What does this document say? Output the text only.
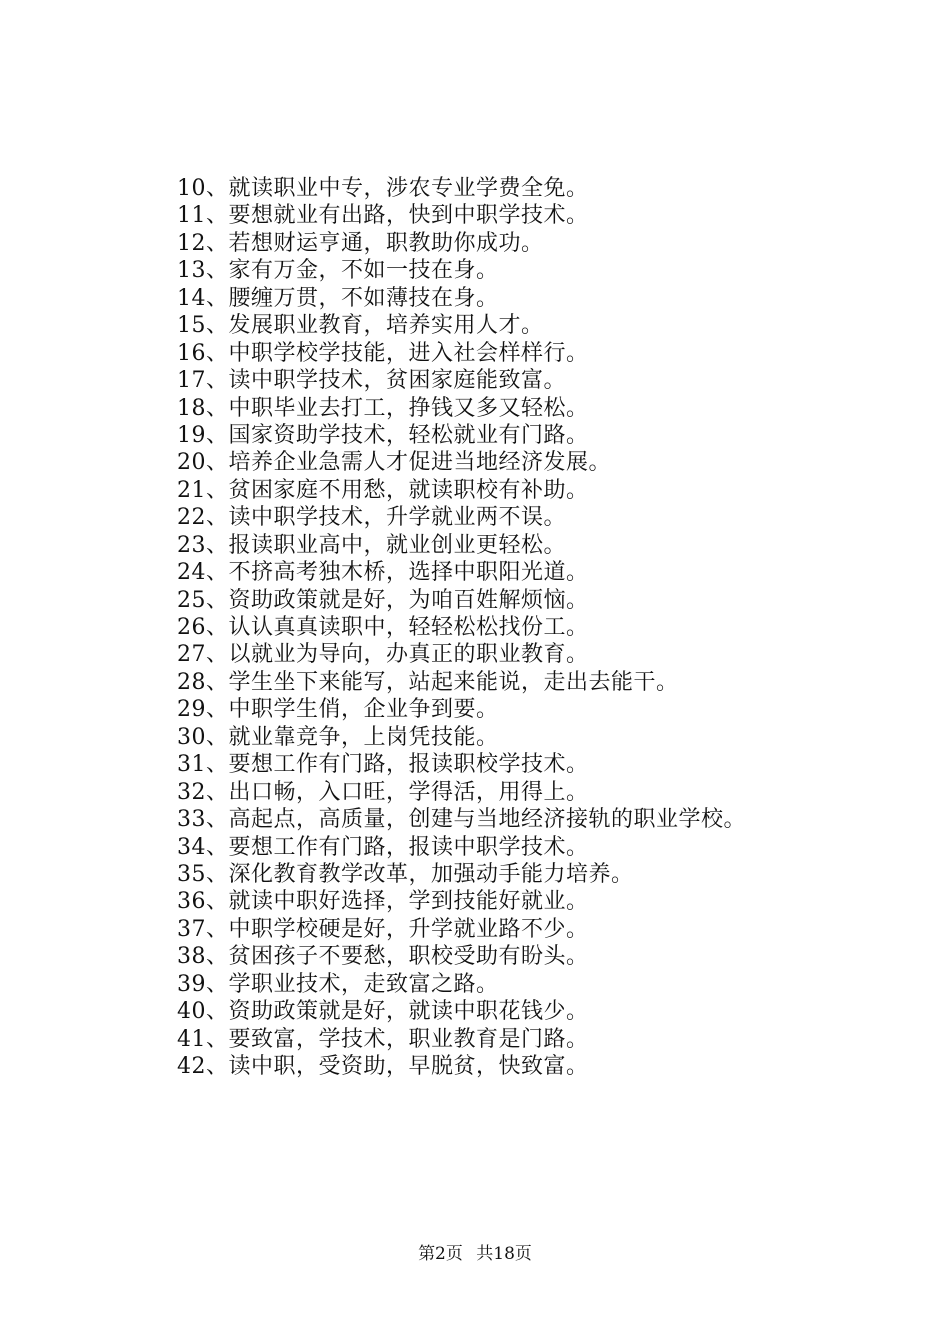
10、就读职业中专，涉农专业学费全免。
11、要想就业有出路，快到中职学技术。
12、若想财运亨通，职教助你成功。
13、家有万金，不如一技在身。
14、腰缠万贯，不如薄技在身。
15、发展职业教育，培养实用人才。
16、中职学校学技能，进入社会样样行。
17、读中职学技术，贫困家庭能致富。
18、中职毕业去打工，挣钱又多又轻松。
19、国家资助学技术，轻松就业有门路。
20、培养企业急需人才促进当地经济发展。
21、贫困家庭不用愁，就读职校有补助。
22、读中职学技术，升学就业两不误。
23、报读职业高中，就业创业更轻松。
24、不挤高考独木桥，选择中职阳光道。
25、资助政策就是好，为咱百姓解烦恼。
26、认认真真读职中，轻轻松松找份工。
27、以就业为导向，办真正的职业教育。
28、学生坐下来能写，站起来能说，走出去能干。
29、中职学生俏，企业争到要。
30、就业靠竞争，上岗凭技能。
31、要想工作有门路，报读职校学技术。
32、出口畅，入口旺，学得活，用得上。
33、高起点，高质量，创建与当地经济接轨的职业学校。
34、要想工作有门路，报读中职学技术。
35、深化教育教学改革，加强动手能力培养。
36、就读中职好选择，学到技能好就业。
37、中职学校硬是好，升学就业路不少。
38、贫困孩子不要愁，职校受助有盼头。
39、学职业技术，走致富之路。
40、资助政策就是好，就读中职花钱少。
41、要致富，学技术，职业教育是门路。
42、读中职，受资助，早脱贫，快致富。
第2页 共18页
